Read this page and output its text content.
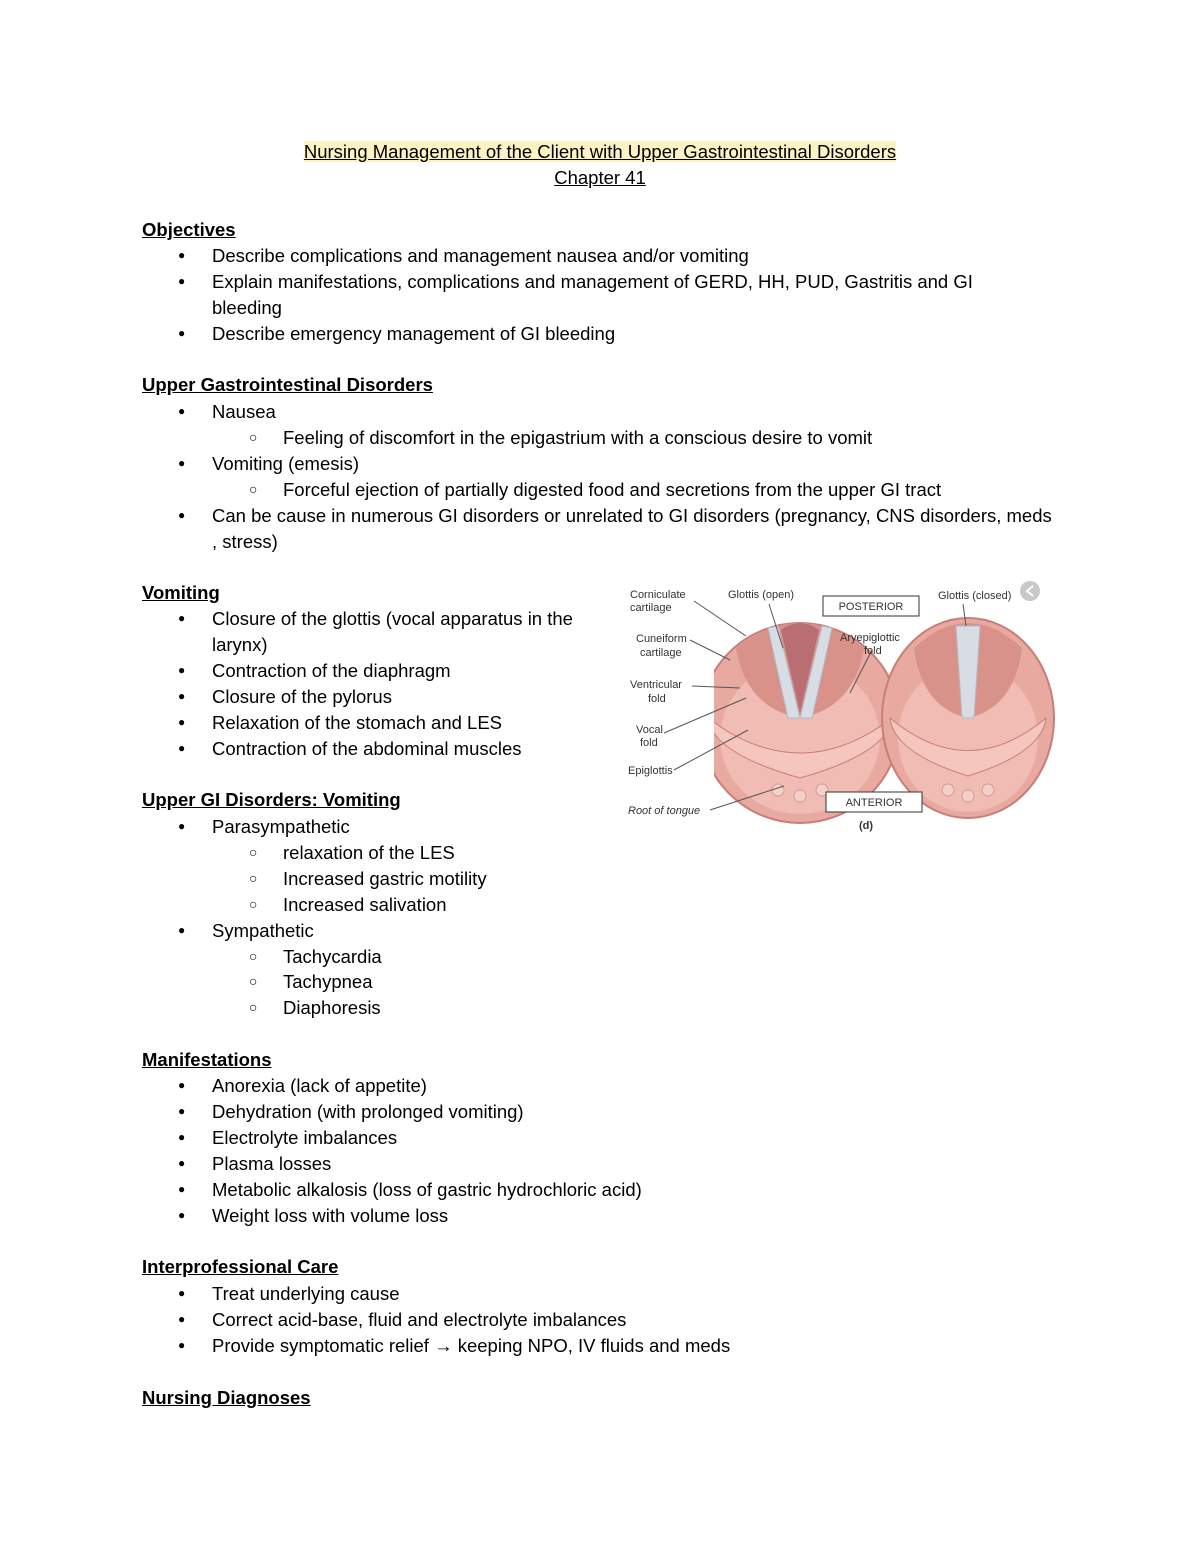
Nursing Management of the Client with Upper Gastrointestinal Disorders
Chapter 41
Objectives
● Describe complications and management nausea and/or vomiting
● Explain manifestations, complications and management of GERD, HH, PUD, Gastritis and GI bleeding
● Describe emergency management of GI bleeding
Upper Gastrointestinal Disorders
● Nausea
○ Feeling of discomfort in the epigastrium with a conscious desire to vomit
● Vomiting (emesis)
○ Forceful ejection of partially digested food and secretions from the upper GI tract
● Can be cause in numerous GI disorders or unrelated to GI disorders (pregnancy, CNS disorders, meds , stress)
Vomiting
● Closure of the glottis (vocal apparatus in the larynx)
● Contraction of the diaphragm
● Closure of the pylorus
● Relaxation of the stomach and LES
● Contraction of the abdominal muscles
Corniculate
cartilage
Glottis (open)
Cuneiform
cartilage
Aryepiglottic
fold
Ventricular
fold
Vocal
fold
Epiglottis
Root of tongue
Glottis (closed)
POSTERIOR
ANTERIOR
(d)
Upper GI Disorders: Vomiting
● Parasympathetic
○ relaxation of the LES
○ Increased gastric motility
○ Increased salivation
● Sympathetic
○ Tachycardia
○ Tachypnea
○ Diaphoresis
Manifestations
● Anorexia (lack of appetite)
● Dehydration (with prolonged vomiting)
● Electrolyte imbalances
● Plasma losses
● Metabolic alkalosis (loss of gastric hydrochloric acid)
● Weight loss with volume loss
Interprofessional Care
● Treat underlying cause
● Correct acid-base, fluid and electrolyte imbalances
● Provide symptomatic relief → keeping NPO, IV fluids and meds
Nursing Diagnoses
